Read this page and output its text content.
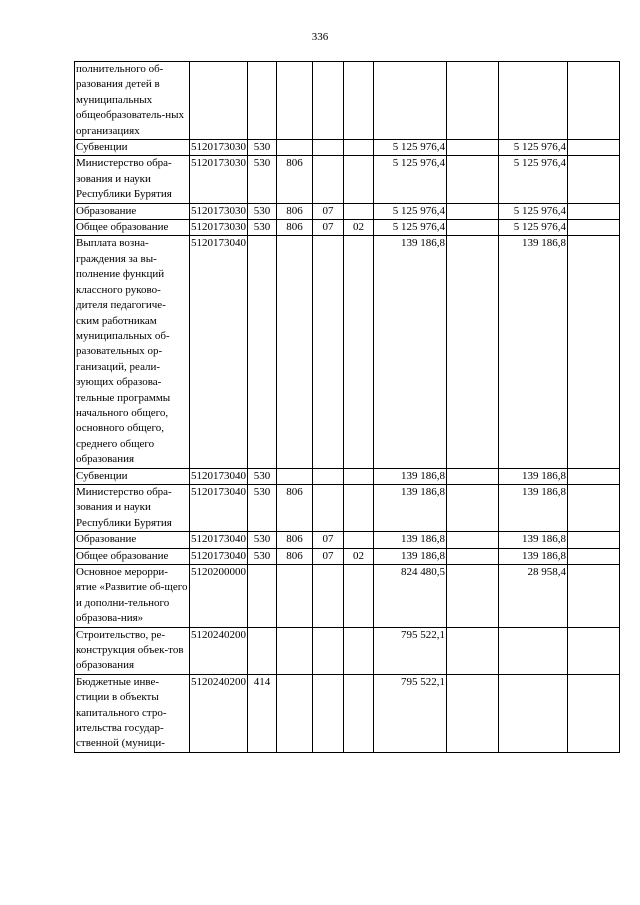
336
полнительного об-разования детей в муниципальных общеобразователь-ных организациях									
Субвенции	5120173030	530				5 125 976,4		5 125 976,4	
Министерство обра-зования и науки Республики Бурятия	5120173030	530	806			5 125 976,4		5 125 976,4	
Образование	5120173030	530	806	07		5 125 976,4		5 125 976,4	
Общее образование	5120173030	530	806	07	02	5 125 976,4		5 125 976,4	
Выплата возна-граждения за вы-полнение функций классного руково-дителя педагогиче-ским работникам муниципальных об-разовательных ор-ганизаций, реали-зующих образова-тельные программы начального общего, основного общего, среднего общего образования	5120173040					139 186,8		139 186,8	
Субвенции	5120173040	530				139 186,8		139 186,8	
Министерство обра-зования и науки Республики Бурятия	5120173040	530	806			139 186,8		139 186,8	
Образование	5120173040	530	806	07		139 186,8		139 186,8	
Общее образование	5120173040	530	806	07	02	139 186,8		139 186,8	
Основное мероpри-ятие «Развитие об-щего и дополни-тельного образова-ния»	5120200000					824 480,5		28 958,4	
Строительство, ре-конструкция объек-тов образования	5120240200					795 522,1			
Бюджетные инве-стиции в объекты капитального стро-ительства государ-ственной (муници-	5120240200	414				795 522,1			
